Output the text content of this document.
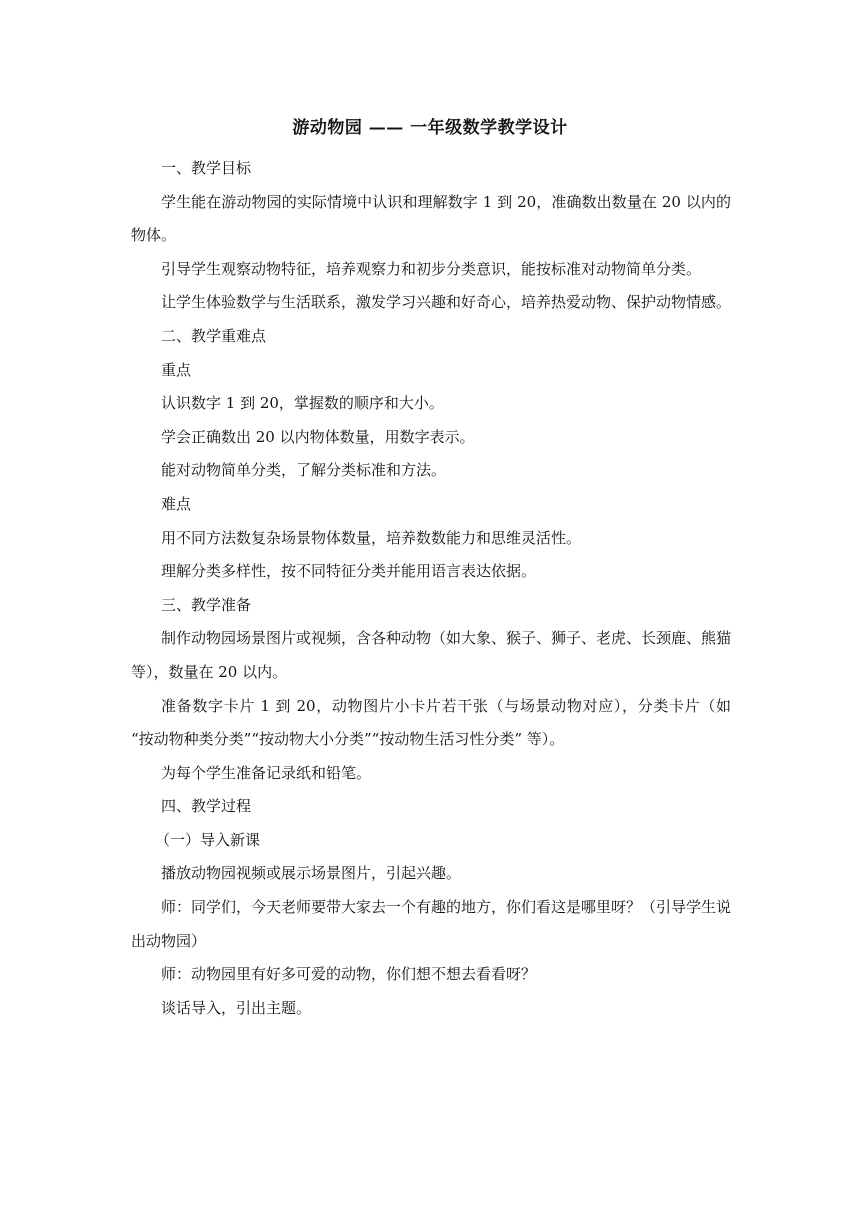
游动物园 —— 一年级数学教学设计

一、教学目标

学生能在游动物园的实际情境中认识和理解数字 1 到 20，准确数出数量在 20 以内的物体。

引导学生观察动物特征，培养观察力和初步分类意识，能按标准对动物简单分类。

让学生体验数学与生活联系，激发学习兴趣和好奇心，培养热爱动物、保护动物情感。

二、教学重难点

重点

认识数字 1 到 20，掌握数的顺序和大小。

学会正确数出 20 以内物体数量，用数字表示。

能对动物简单分类，了解分类标准和方法。

难点

用不同方法数复杂场景物体数量，培养数数能力和思维灵活性。

理解分类多样性，按不同特征分类并能用语言表达依据。

三、教学准备

制作动物园场景图片或视频，含各种动物（如大象、猴子、狮子、老虎、长颈鹿、熊猫等），数量在 20 以内。

准备数字卡片 1 到 20，动物图片小卡片若干张（与场景动物对应），分类卡片（如 “按动物种类分类”“按动物大小分类”“按动物生活习性分类” 等）。

为每个学生准备记录纸和铅笔。

四、教学过程

（一）导入新课

播放动物园视频或展示场景图片，引起兴趣。

师：同学们，今天老师要带大家去一个有趣的地方，你们看这是哪里呀？（引导学生说出动物园）

师：动物园里有好多可爱的动物，你们想不想去看看呀？

谈话导入，引出主题。
